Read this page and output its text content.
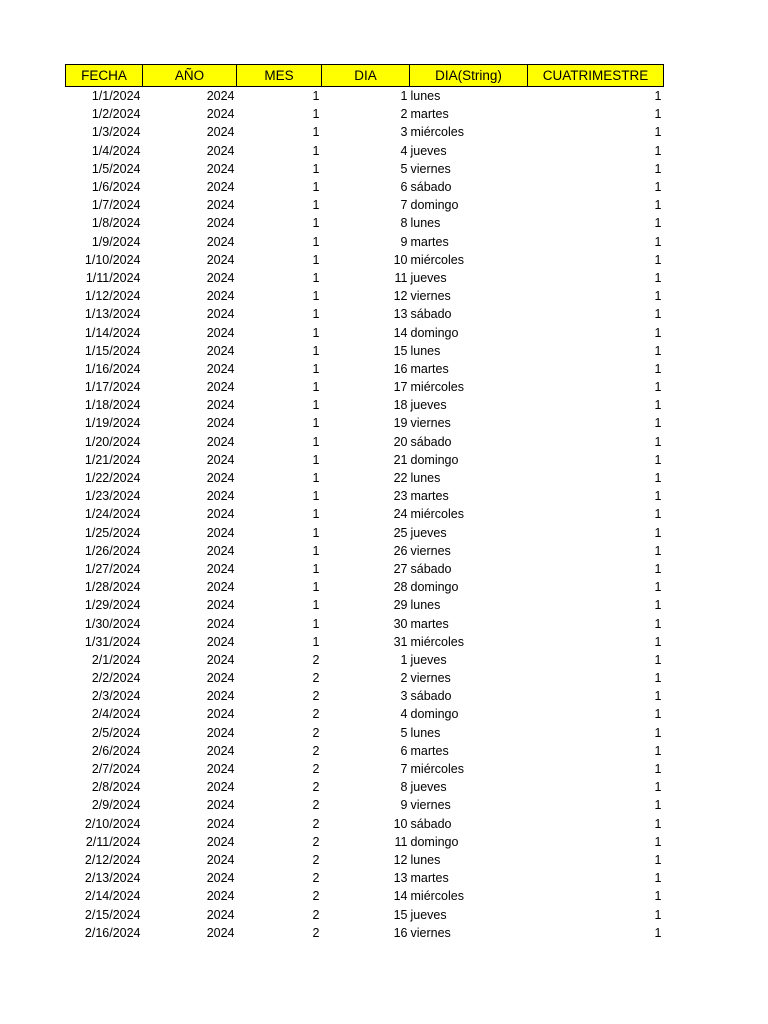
FECHA	AÑO	MES	DIA	DIA(String)	CUATRIMESTRE
1/1/2024	2024	1	1	lunes	1
1/2/2024	2024	1	2	martes	1
1/3/2024	2024	1	3	miércoles	1
1/4/2024	2024	1	4	jueves	1
1/5/2024	2024	1	5	viernes	1
1/6/2024	2024	1	6	sábado	1
1/7/2024	2024	1	7	domingo	1
1/8/2024	2024	1	8	lunes	1
1/9/2024	2024	1	9	martes	1
1/10/2024	2024	1	10	miércoles	1
1/11/2024	2024	1	11	jueves	1
1/12/2024	2024	1	12	viernes	1
1/13/2024	2024	1	13	sábado	1
1/14/2024	2024	1	14	domingo	1
1/15/2024	2024	1	15	lunes	1
1/16/2024	2024	1	16	martes	1
1/17/2024	2024	1	17	miércoles	1
1/18/2024	2024	1	18	jueves	1
1/19/2024	2024	1	19	viernes	1
1/20/2024	2024	1	20	sábado	1
1/21/2024	2024	1	21	domingo	1
1/22/2024	2024	1	22	lunes	1
1/23/2024	2024	1	23	martes	1
1/24/2024	2024	1	24	miércoles	1
1/25/2024	2024	1	25	jueves	1
1/26/2024	2024	1	26	viernes	1
1/27/2024	2024	1	27	sábado	1
1/28/2024	2024	1	28	domingo	1
1/29/2024	2024	1	29	lunes	1
1/30/2024	2024	1	30	martes	1
1/31/2024	2024	1	31	miércoles	1
2/1/2024	2024	2	1	jueves	1
2/2/2024	2024	2	2	viernes	1
2/3/2024	2024	2	3	sábado	1
2/4/2024	2024	2	4	domingo	1
2/5/2024	2024	2	5	lunes	1
2/6/2024	2024	2	6	martes	1
2/7/2024	2024	2	7	miércoles	1
2/8/2024	2024	2	8	jueves	1
2/9/2024	2024	2	9	viernes	1
2/10/2024	2024	2	10	sábado	1
2/11/2024	2024	2	11	domingo	1
2/12/2024	2024	2	12	lunes	1
2/13/2024	2024	2	13	martes	1
2/14/2024	2024	2	14	miércoles	1
2/15/2024	2024	2	15	jueves	1
2/16/2024	2024	2	16	viernes	1
